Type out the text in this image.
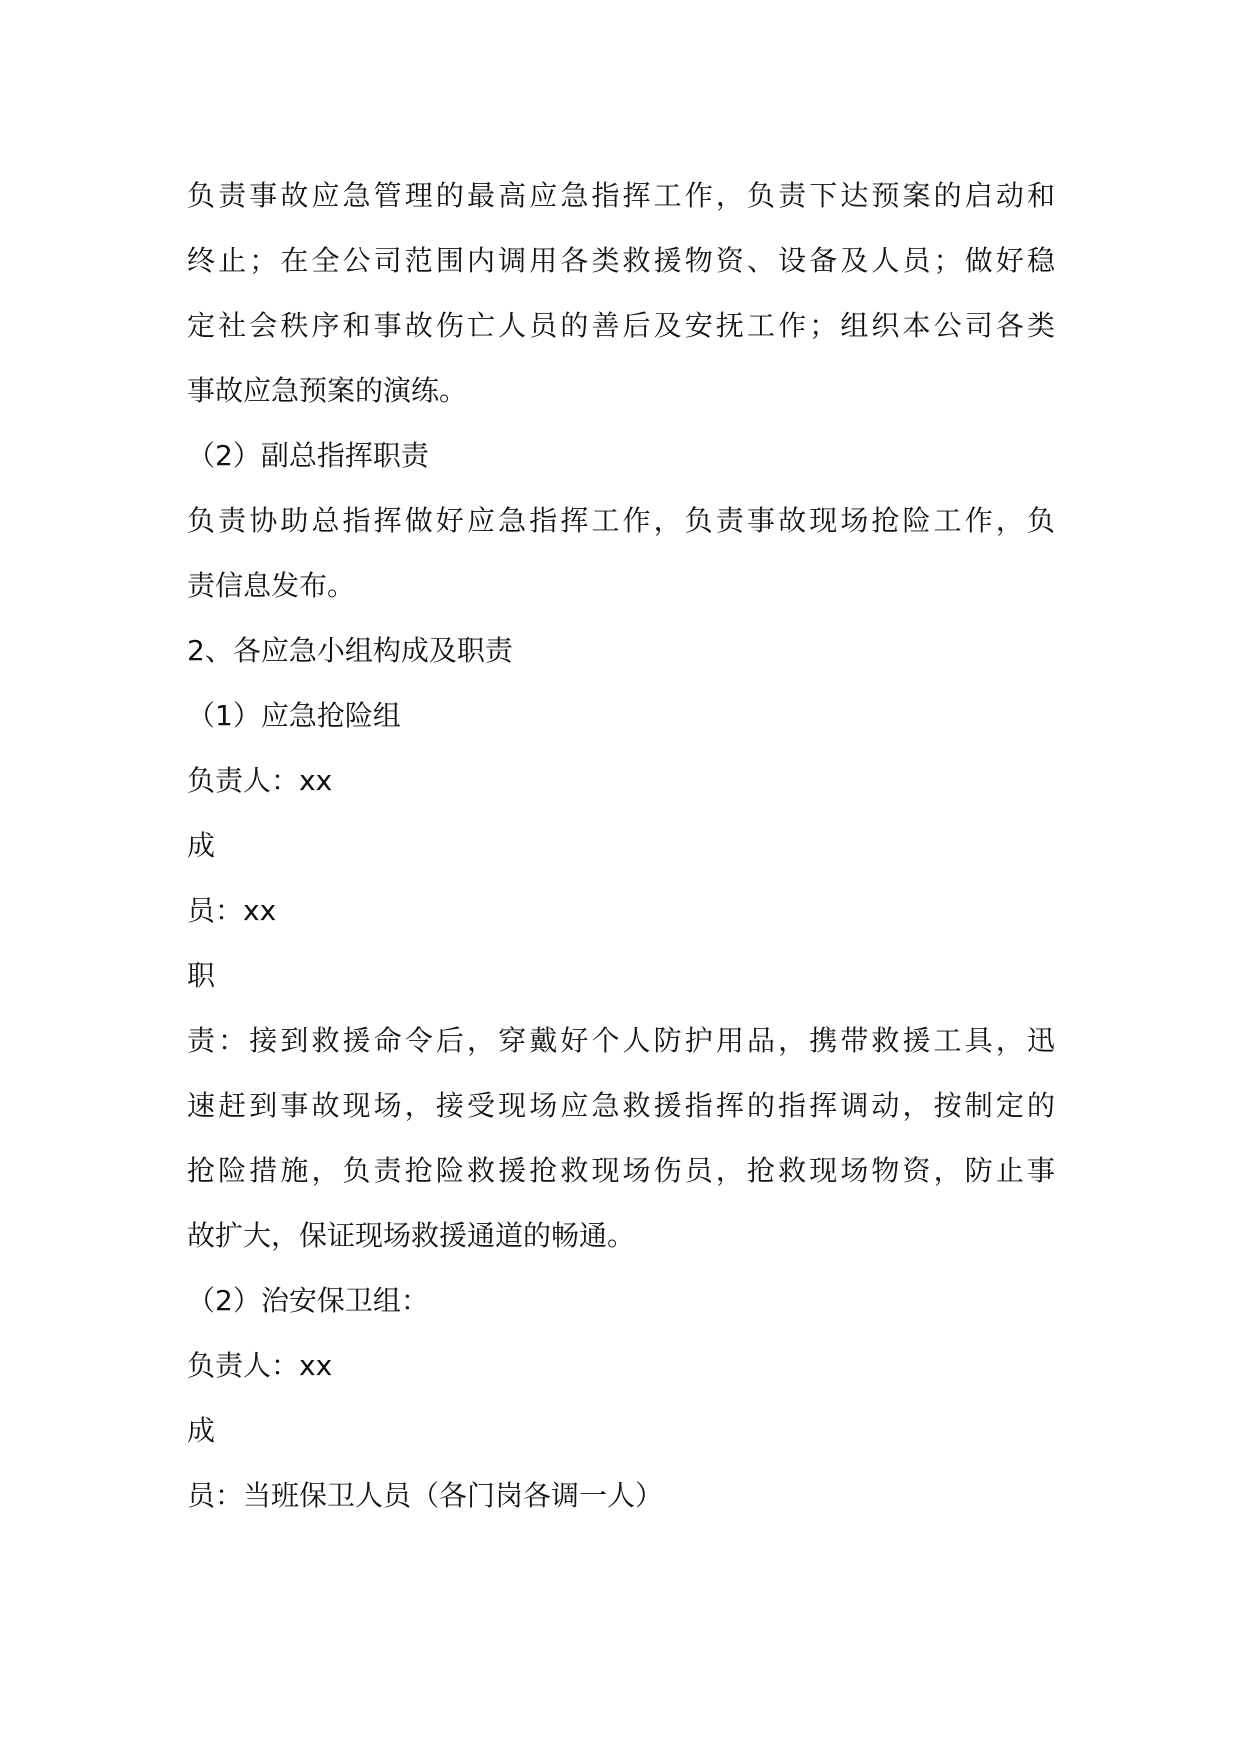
负责事故应急管理的最高应急指挥工作，负责下达预案的启动和

终止；在全公司范围内调用各类救援物资、设备及人员；做好稳

定社会秩序和事故伤亡人员的善后及安抚工作；组织本公司各类

事故应急预案的演练。

（2）副总指挥职责

负责协助总指挥做好应急指挥工作，负责事故现场抢险工作，负

责信息发布。

2、各应急小组构成及职责

（1）应急抢险组

负责人：xx

成

员：xx

职

责：接到救援命令后，穿戴好个人防护用品，携带救援工具，迅

速赶到事故现场，接受现场应急救援指挥的指挥调动，按制定的

抢险措施，负责抢险救援抢救现场伤员，抢救现场物资，防止事

故扩大，保证现场救援通道的畅通。

（2）治安保卫组：

负责人：xx

成

员：当班保卫人员（各门岗各调一人）
